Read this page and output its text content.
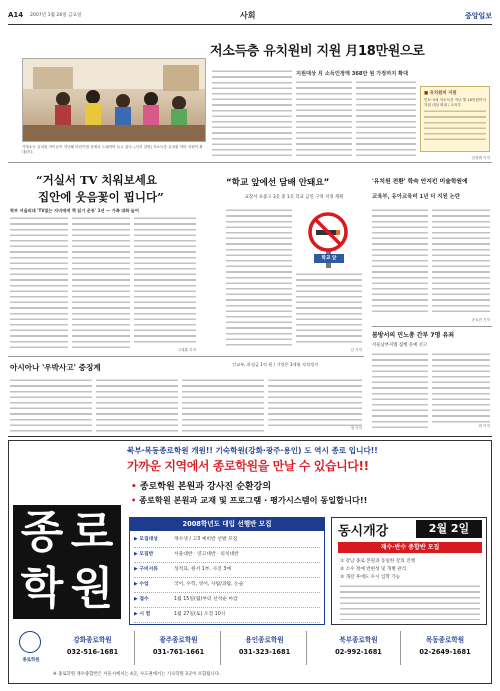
A14 2007년 1월 26일 금요일	사회	중앙일보
저소득층 유치원비 지원 月18만원으로
가정소득 유치원 아이들이 지난해 어린이집 앞에서 노래하며 놀고 있다. (사진 설명) 저소득층 유치원 학비 지원이 확대된다.
지원대상 月 소득인정액 368만 원 가정까지 확대
■ 유치원비 지원
만3~5세 저소득층 자녀 월 18만원까지
지원 대상 확대 / 교육부
김정택 기자
“거실서 TV 치워보세요
집안에 웃음꽃이 핍니다”
학부 서울의대 'TV없는 자녀에게 책 읽기 운동' 1년 — 가족 대화 늘어
고대훈 기자
“학교 앞에선 담배 안돼요”
교장서 초중고 3곳 중 1곳 학교 금연 구역 지정 계획
학교 앞
김 기자
'유치원 전환' 학숙 안지킨 미술학원에
교육부, 유아교육비 1년 더 지원 논란
송호진 기자
봄방서의 민노총 간부 7명 유죄
서울남부지법 집행 유예 선고
최 기자
아시아나 '우박사고' 중징계	건교부, 과징금 1억 원 / 기장은 3개월 자격정지
정 기자
종 로
학 원
종로학원
북부·목동종로학원 개원!! 기숙학원(강화·광주·용인) 도 역시 종로 입니다!!
가까운 지역에서 종로학원을 만날 수 있습니다!!
• 종로학원 본원과 강사진 순환강의
• 종로학원 본원과 교재 및 프로그램 · 평가시스템이 동일합니다!!
2008학년도 대입 선행반 모집
▶ 모집대상	재수생 / 고3 예비반 선발 모집
▶ 모집반	서울대반 · 연고대반 · 의치대반
▶ 구비서류	성적표, 원서 1부, 사진 3매
▶ 수업	국어, 수학, 영어, 사탐/과탐, 논술
▶ 접수	1월 15일(월)부터 선착순 마감
▶ 시 험	1월 27일(토) 오전 10시
동시개강	2월 2일
재수·반수 종합반 모집
① 강남 종로 본원과 동일한 강의 진행
② 소수 정예 반편성 및 개별 관리
③ 개강 후에도 수시 입학 가능
강화종로학원
032-516-1681
광주종로학원
031-761-1661
용인종로학원
031-323-1681
북부종로학원
02-992-1681
목동종로학원
02-2649-1681
※ 종로학원 재수종합반은 서울시에서는 4곳, 수도권에서는 기숙학원 3곳이 포함됩니다.
